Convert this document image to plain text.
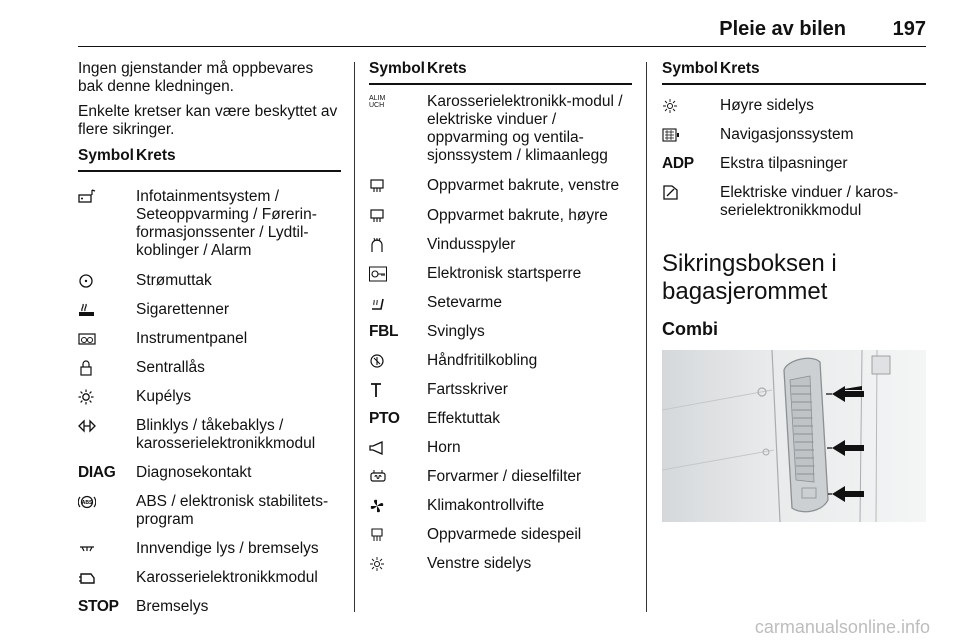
Pleie av bilen 197

Ingen gjenstander må oppbevares bak denne kledningen.

Enkelte kretser kan være beskyttet av flere sikringer.

Symbol Krets
Infotainmentsystem / Seteoppvarming / Førerin-formasjonssenter / Lydtil-koblinger / Alarm
Strømuttak
Sigarettenner
Instrumentpanel
Sentrallås
Kupélys
Blinklys / tåkebaklys / karosserielektronikkmodul
DIAG Diagnosekontakt
ABS	ABS / elektronisk stabilitets-program
Innvendige lys / bremselys
Karosserielektronikkmodul
STOP Bremselys
Symbol Krets
ALIM
UCH	Karosserielektronikk-modul / elektriske vinduer / oppvarming og ventila-sjonssystem / klimaanlegg
Oppvarmet bakrute, venstre
Oppvarmet bakrute, høyre
Vindusspyler
Elektronisk startsperre
Setevarme
FBL Svinglys
Håndfritilkobling
Fartsskriver
PTO Effektuttak
Horn
Forvarmer / dieselfilter
Klimakontrollvifte
Oppvarmede sidespeil
Venstre sidelys
Symbol Krets
Høyre sidelys
Navigasjonssystem
ADP Ekstra tilpasninger
Elektriske vinduer / karos-serielektronikkmodul
Sikringsboksen i bagasjerommet
Combi
carmanualsonline.info
